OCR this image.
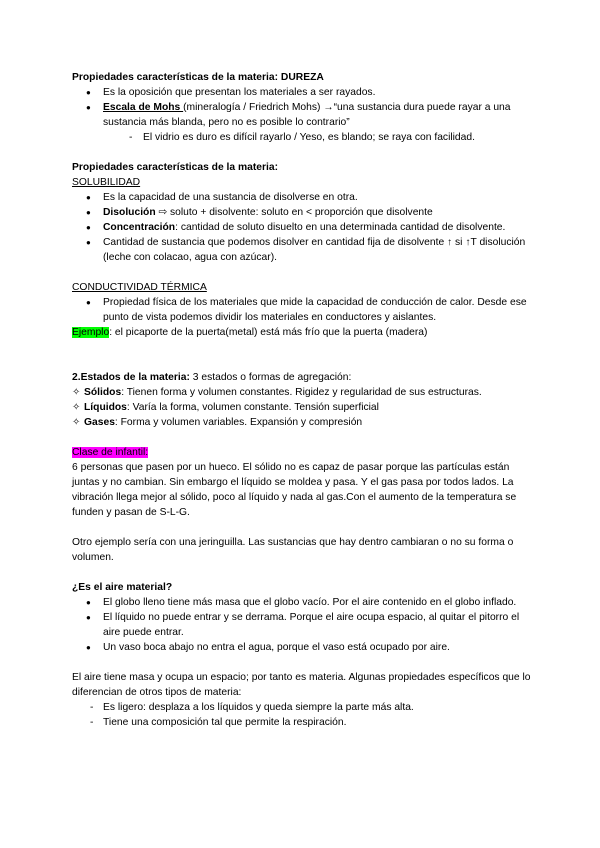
Propiedades características de la materia: DUREZA

● Es la oposición que presentan los materiales a ser rayados.
● Escala de Mohs (mineralogía / Friedrich Mohs) →“una sustancia dura puede rayar a una sustancia más blanda, pero no es posible lo contrario”
- El vidrio es duro es difícil rayarlo / Yeso, es blando; se raya con facilidad.

Propiedades características de la materia:

SOLUBILIDAD

● Es la capacidad de una sustancia de disolverse en otra.
● Disolución ⇨ soluto + disolvente: soluto en < proporción que disolvente
● Concentración: cantidad de soluto disuelto en una determinada cantidad de disolvente.
● Cantidad de sustancia que podemos disolver en cantidad fija de disolvente ↑ si ↑T disolución (leche con colacao, agua con azúcar).

CONDUCTIVIDAD TÉRMICA

● Propiedad física de los materiales que mide la capacidad de conducción de calor. Desde ese punto de vista podemos dividir los materiales en conductores y aislantes.

Ejemplo: el picaporte de la puerta(metal) está más frío que la puerta (madera)

2.Estados de la materia: 3 estados o formas de agregación:

✧ Sólidos: Tienen forma y volumen constantes. Rigidez y regularidad de sus estructuras.
✧ Líquidos: Varía la forma, volumen constante. Tensión superficial
✧ Gases: Forma y volumen variables. Expansión y compresión

Clase de infantil:

6 personas que pasen por un hueco. El sólido no es capaz de pasar porque las partículas están juntas y no cambian. Sin embargo el líquido se moldea y pasa. Y el gas pasa por todos lados. La vibración llega mejor al sólido, poco al líquido y nada al gas.Con el aumento de la temperatura se funden y pasan de S-L-G.

Otro ejemplo sería con una jeringuilla. Las sustancias que hay dentro cambiaran o no su forma o volumen.

¿Es el aire material?

● El globo lleno tiene más masa que el globo vacío. Por el aire contenido en el globo inflado.
● El líquido no puede entrar y se derrama. Porque el aire ocupa espacio, al quitar el pitorro el aire puede entrar.
● Un vaso boca abajo no entra el agua, porque el vaso está ocupado por aire.

El aire tiene masa y ocupa un espacio; por tanto es materia. Algunas propiedades específicos que lo diferencian de otros tipos de materia:

- Es ligero: desplaza a los líquidos y queda siempre la parte más alta.
- Tiene una composición tal que permite la respiración.
